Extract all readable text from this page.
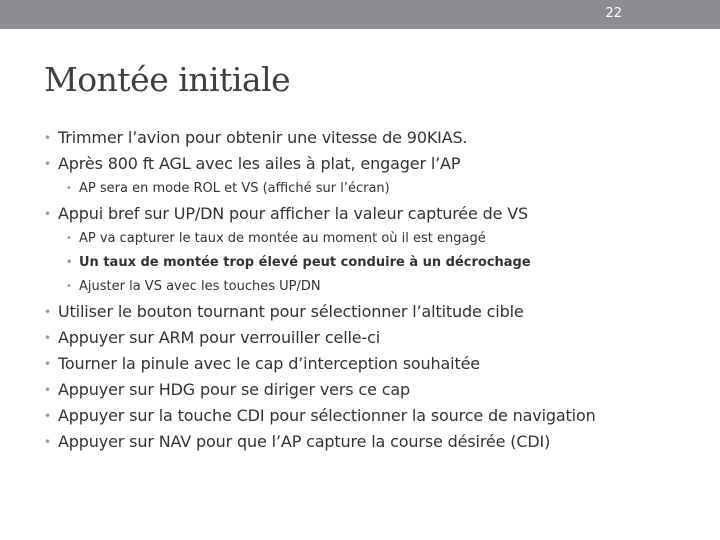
22
Montée initiale
• Trimmer l’avion pour obtenir une vitesse de 90KIAS.
• Après 800 ft AGL avec les ailes à plat, engager l’AP
• AP sera en mode ROL et VS (affiché sur l’écran)
• Appui bref sur UP/DN pour afficher la valeur capturée de VS
• AP va capturer le taux de montée au moment où il est engagé
• Un taux de montée trop élevé peut conduire à un décrochage
• Ajuster la VS avec les touches UP/DN
• Utiliser le bouton tournant pour sélectionner l’altitude cible
• Appuyer sur ARM pour verrouiller celle-ci
• Tourner la pinule avec le cap d’interception souhaitée
• Appuyer sur HDG pour se diriger vers ce cap
• Appuyer sur la touche CDI pour sélectionner la source de navigation
• Appuyer sur NAV pour que l’AP capture la course désirée (CDI)
